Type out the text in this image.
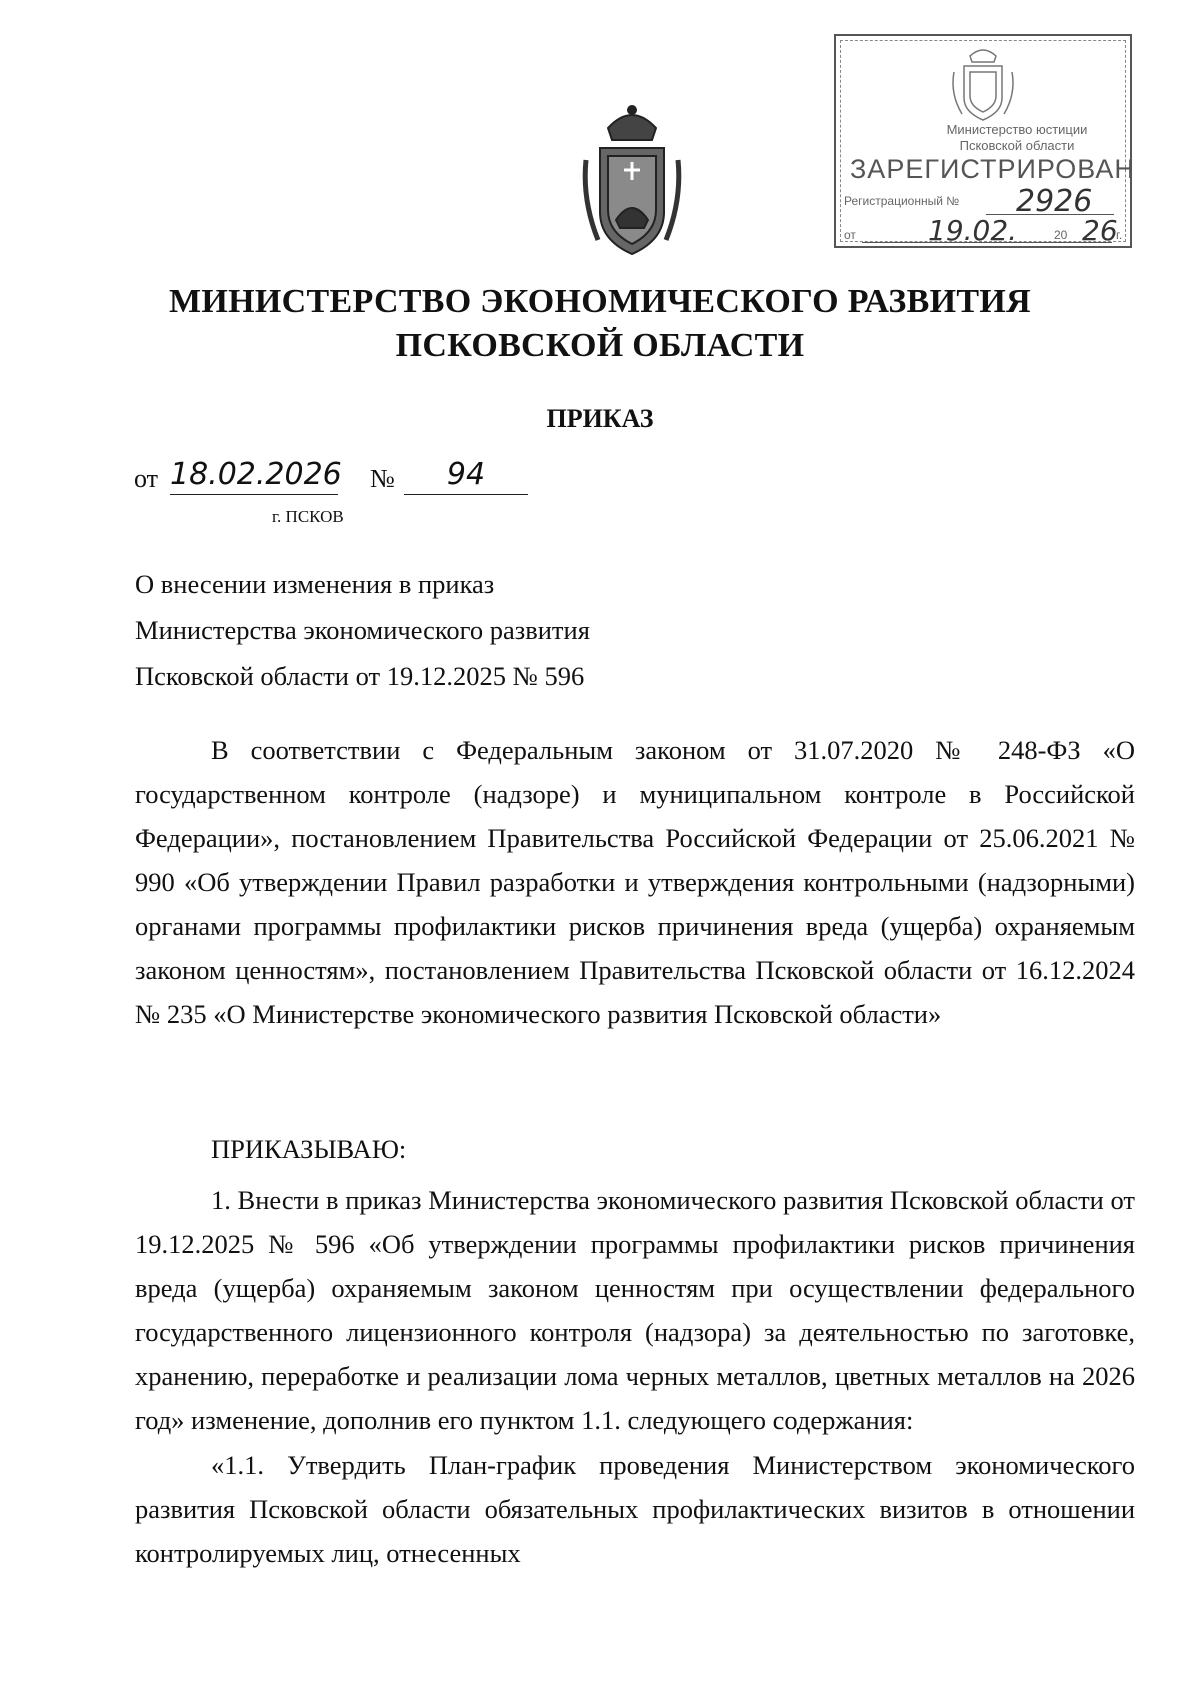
Министерство юстиции
Псковской области
ЗАРЕГИСТРИРОВАН
Регистрационный № 2926
от	19.02.	20 26
г.
МИНИСТЕРСТВО ЭКОНОМИЧЕСКОГО РАЗВИТИЯ
ПСКОВСКОЙ ОБЛАСТИ
ПРИКАЗ
от 18.02.2026 №	94
г. ПСКОВ
О внесении изменения в приказ
Министерства экономического развития
Псковской области от 19.12.2025 № 596
В соответствии с Федеральным законом от 31.07.2020 № 248-ФЗ «О государственном контроле (надзоре) и муниципальном контроле в Российской Федерации», постановлением Правительства Российской Федерации от 25.06.2021 № 990 «Об утверждении Правил разработки и утверждения контрольными (надзорными) органами программы профилактики рисков причинения вреда (ущерба) охраняемым законом ценностям», постановлением Правительства Псковской области от 16.12.2024 № 235 «О Министерстве экономического развития Псковской области»
ПРИКАЗЫВАЮ:
1. Внести в приказ Министерства экономического развития Псковской области от 19.12.2025 № 596 «Об утверждении программы профилактики рисков причинения вреда (ущерба) охраняемым законом ценностям при осуществлении федерального государственного лицензионного контроля (надзора) за деятельностью по заготовке, хранению, переработке и реализации лома черных металлов, цветных металлов на 2026 год» изменение, дополнив его пунктом 1.1. следующего содержания:
«1.1. Утвердить План-график проведения Министерством экономического развития Псковской области обязательных профилактических визитов в отношении контролируемых лиц, отнесенных
